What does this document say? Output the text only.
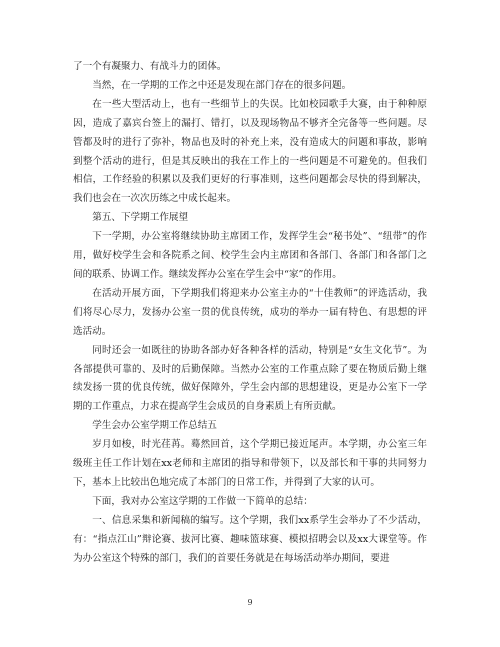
了一个有凝聚力、有战斗力的团体。

当然，在一学期的工作之中还是发现在部门存在的很多问题。

在一些大型活动上，也有一些细节上的失误。比如校园歌手大赛，由于种种原因，造成了嘉宾台签上的漏打、错打，以及现场物品不够齐全完备等一些问题。尽管都及时的进行了弥补，物品也及时的补充上来，没有造成大的问题和事故，影响到整个活动的进行，但是其反映出的我在工作上的一些问题是不可避免的。但我们相信，工作经验的积累以及我们更好的行事准则，这些问题都会尽快的得到解决，我们也会在一次次历练之中成长起来。

第五、下学期工作展望

下一学期，办公室将继续协助主席团工作，发挥学生会“秘书处”、“纽带”的作用，做好校学生会和各院系之间、校学生会内主席团和各部门、各部门和各部门之间的联系、协调工作。继续发挥办公室在学生会中“家”的作用。

在活动开展方面，下学期我们将迎来办公室主办的“十佳教师”的评选活动，我们将尽心尽力，发扬办公室一贯的优良传统，成功的举办一届有特色、有思想的评选活动。

同时还会一如既往的协助各部办好各种各样的活动，特别是“女生文化节”。为各部提供可靠的、及时的后勤保障。当然办公室的工作重点除了要在物质后勤上继续发扬一贯的优良传统，做好保障外，学生会内部的思想建设，更是办公室下一学期的工作重点，力求在提高学生会成员的自身素质上有所贡献。

学生会办公室学期工作总结五

岁月如梭，时光荏苒。蓦然回首，这个学期已接近尾声。本学期，办公室三年级班主任工作计划在xx老师和主席团的指导和带领下，以及部长和干事的共同努力下，基本上比较出色地完成了本部门的日常工作，并得到了大家的认可。

下面，我对办公室这学期的工作做一下简单的总结：

一、信息采集和新闻稿的编写。这个学期，我们xx系学生会举办了不少活动，有：“指点江山”辩论赛、拔河比赛、趣味篮球赛、模拟招聘会以及xx大课堂等。作为办公室这个特殊的部门，我们的首要任务就是在每场活动举办期间，要进

9
